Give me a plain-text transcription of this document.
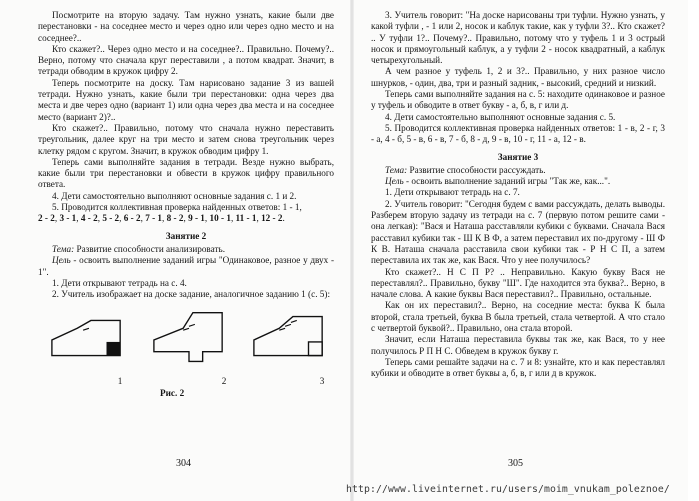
Посмотрите на вторую задачу. Там нужно узнать, какие были две перестановки - на соседнее место и через одно или через одно место и на соседнее?..

Кто скажет?.. Через одно место и на соседнее?.. Правильно. Почему?.. Верно, потому что сначала круг переставили , а потом квадрат. Значит, в тетради обводим в кружок цифру 2.

Теперь посмотрите на доску. Там нарисовано задание 3 из вашей тетради. Нужно узнать, какие были три перестановки: одна через два места и две через одно (вариант 1) или одна через два места и на соседнее место (вариант 2)?..

Кто скажет?.. Правильно, потому что сначала нужно переставить треугольник, далее круг на три место и затем снова треугольник через клетку рядом с кругом. Значит, в кружок обводим цифру 1.

Теперь сами выполняйте задания в тетради. Везде нужно выбрать, какие были три перестановки и обвести в кружок цифру правильного ответа.

4. Дети самостоятельно выполняют основные задания с. 1 и 2.

5. Проводится коллективная проверка найденных ответов: 1 - 1,

2 - 2, 3 - 1, 4 - 2, 5 - 2, 6 - 2, 7 - 1, 8 - 2, 9 - 1, 10 - 1, 11 - 1, 12 - 2.

Занятие 2

Тема: Развитие способности анализировать.

Цель - освоить выполнение заданий игры "Одинаковое, разное у двух - 1".

1. Дети открывают тетрадь на с. 4.

2. Учитель изображает на доске задание, аналогичное заданию 1 (с. 5):

1	2	3
Рис. 2

3. Учитель говорит: "На доске нарисованы три туфли. Нужно узнать, у какой туфли , - 1 или 2, носок и каблук такие, как у туфли 3?.. Кто скажет? .. У туфли 1?.. Почему?.. Правильно, потому что у туфель 1 и 3 острый носок и прямоугольный каблук, а у туфли 2 - носок квадратный, а каблук четырехугольный.

А чем разное у туфель 1, 2 и 3?.. Правильно, у них разное число шнурков, - один, два, три и разный задник, - высокий, средний и низкий.

Теперь сами выполняйте задания на с. 5: находите одинаковое и разное у туфель и обводите в ответ букву - а, б, в, г или д.

4. Дети самостоятельно выполняют основные задания с. 5.

5. Проводится коллективная проверка найденных ответов: 1 - в, 2 - г, 3 - а, 4 - б, 5 - в, 6 - в, 7 - б, 8 - д, 9 - в, 10 - г, 11 - а, 12 - в.

Занятие 3

Тема: Развитие способности рассуждать.

Цель - освоить выполнение заданий игры "Так же, как...".

1. Дети открывают тетрадь на с. 7.

2. Учитель говорит: "Сегодня будем с вами рассуждать, делать выводы. Разберем вторую задачу из тетради на с. 7 (первую потом решите сами - она легкая): "Вася и Наташа расставляли кубики с буквами. Сначала Вася расставил кубики так - Ш К В Ф, а затем переставил их по-другому - Ш Ф К В. Наташа сначала расставила свои кубики так - Р Н С П, а затем переставила их так же, как Вася. Что у нее получилось?

Кто скажет?.. Н С П Р? .. Неправильно. Какую букву Вася не переставлял?.. Правильно, букву "Ш". Где находится эта буква?.. Верно, в начале слова. А какие буквы Вася переставил?.. Правильно, остальные.

Как он их переставил?.. Верно, на соседние места: буква К была второй, стала третьей, буква В была третьей, стала четвертой. А что стало с четвертой буквой?.. Правильно, она стала второй.

Значит, если Наташа переставила буквы так же, как Вася, то у нее получилось Р П Н С. Обведем в кружок букву г.

Теперь сами решайте задачи на с. 7 и 8: узнайте, кто и как переставлял кубики и обводите в ответ буквы а, б, в, г или д в кружок.

304	305
http://www.liveinternet.ru/users/moim_vnukam_poleznoe/
